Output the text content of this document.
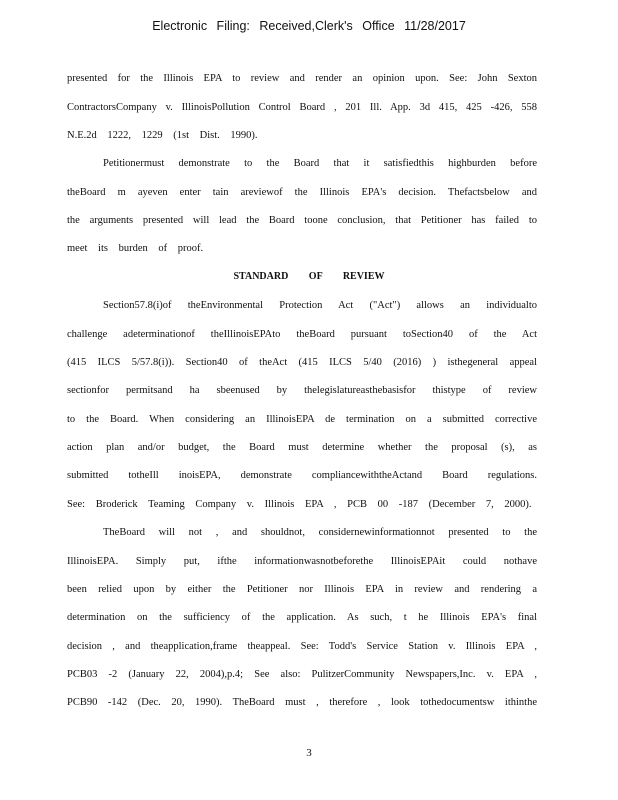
Electronic Filing: Received,Clerk's Office 11/28/2017
presented for the Illinois EPA to review and render an opinion upon. See: John Sexton
ContractorsCompany v. IllinoisPollution Control Board , 201 Ill. App. 3d 415, 425 -426, 558
N.E.2d 1222, 1229 (1st Dist. 1990).
Petitionermust demonstrate to the Board that it satisfiedthis highburden before
theBoard m ayeven enter tain areviewof the Illinois EPA's decision. Thefactsbelow and
the arguments presented will lead the Board toone conclusion, that Petitioner has failed to
meet its burden of proof.
STANDARD OF REVIEW
Section57.8(i)of theEnvironmental Protection Act ("Act") allows an individualto
challenge adeterminationof theIllinoisEPAto theBoard pursuant toSection40 of the Act
(415 ILCS 5/57.8(i)). Section40 of theAct (415 ILCS 5/40 (2016) ) isthegeneral appeal
sectionfor permitsand ha sbeenused by thelegislatureasthebasisfor thistype of review
to the Board. When considering an IllinoisEPA de termination on a submitted corrective
action plan and/or budget, the Board must determine whether the proposal (s), as
submitted totheIll inoisEPA, demonstrate compliancewiththeActand Board regulations.
See: Broderick Teaming Company v. Illinois EPA , PCB 00 -187 (December 7, 2000).
TheBoard will not , and shouldnot, considernewinformationnot presented to the
IllinoisEPA. Simply put, ifthe informationwasnotbeforethe IllinoisEPAit could nothave
been relied upon by either the Petitioner nor Illinois EPA in review and rendering a
determination on the sufficiency of the application. As such, t he Illinois EPA's final
decision , and theapplication,frame theappeal. See: Todd's Service Station v. Illinois EPA ,
PCB03 -2 (January 22, 2004),p.4; See also: PulitzerCommunity Newspapers,Inc. v. EPA ,
PCB90 -142 (Dec. 20, 1990). TheBoard must , therefore , look tothedocumentsw ithinthe
3
